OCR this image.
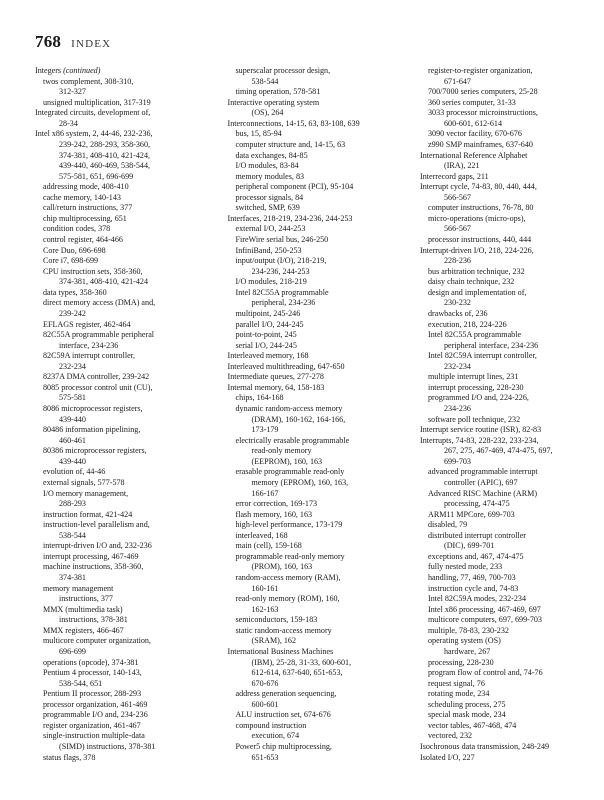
768 INDEX
Integers (continued)
twos complement, 308-310,
312-327
unsigned multiplication, 317-319
Integrated circuits, development of,
28-34
Intel x86 system, 2, 44-46, 232-236,
239-242, 288-293, 358-360,
374-381, 408-410, 421-424,
439-440, 460-469, 538-544,
575-581, 651, 696-699
addressing mode, 408-410
cache memory, 140-143
call/return instructions, 377
chip multiprocessing, 651
condition codes, 378
control register, 464-466
Core Duo, 696-698
Core i7, 698-699
CPU instruction sets, 358-360,
374-381, 408-410, 421-424
data types, 358-360
direct memory access (DMA) and,
239-242
EFLAGS register, 462-464
82C55A programmable peripheral
interface, 234-236
82C59A interrupt controller,
232-234
8237A DMA controller, 239-242
8085 processor control unit (CU),
575-581
8086 microprocessor registers,
439-440
80486 information pipelining,
460-461
80386 microprocessor registers,
439-440
evolution of, 44-46
external signals, 577-578
I/O memory management,
288-293
instruction format, 421-424
instruction-level parallelism and,
538-544
interrupt-driven I/O and, 232-236
interrupt processing, 467-469
machine instructions, 358-360,
374-381
memory management
instructions, 377
MMX (multimedia task)
instructions, 378-381
MMX registers, 466-467
multicore computer organization,
696-699
operations (opcode), 374-381
Pentium 4 processor, 140-143,
538-544, 651
Pentium II processor, 288-293
processor organization, 461-469
programmable I/O and, 234-236
register organization, 461-467
single-instruction multiple-data
(SIMD) instructions, 378-381
status flags, 378
superscalar processor design,
538-544
timing operation, 578-581
Interactive operating system
(OS), 264
Interconnections, 14-15, 63, 83-108, 639
bus, 15, 85-94
computer structure and, 14-15, 63
data exchanges, 84-85
I/O modules, 83-84
memory modules, 83
peripheral component (PCI), 95-104
processor signals, 84
switched, SMP, 639
Interfaces, 218-219, 234-236, 244-253
external I/O, 244-253
FireWire serial bus, 246-250
InfiniBand, 250-253
input/output (I/O), 218-219,
234-236, 244-253
I/O modules, 218-219
Intel 82C55A programmable
peripheral, 234-236
multipoint, 245-246
parallel I/O, 244-245
point-to-point, 245
serial I/O, 244-245
Interleaved memory, 168
Interleaved multithreading, 647-650
Intermediate queues, 277-278
Internal memory, 64, 158-183
chips, 164-168
dynamic random-access memory
(DRAM), 160-162, 164-166,
173-179
electrically erasable programmable
read-only memory
(EEPROM), 160, 163
erasable programmable read-only
memory (EPROM), 160, 163,
166-167
error correction, 169-173
flash memory, 160, 163
high-level performance, 173-179
interleaved, 168
main (cell), 159-168
programmable read-only memory
(PROM), 160, 163
random-access memory (RAM),
160-161
read-only memory (ROM), 160,
162-163
semiconductors, 159-183
static random-access memory
(SRAM), 162
International Business Machines
(IBM), 25-28, 31-33, 600-601,
612-614, 637-640, 651-653,
670-676
address generation sequencing,
600-601
ALU instruction set, 674-676
compound instruction
execution, 674
Power5 chip multiprocessing,
651-653
register-to-register organization,
671-647
700/7000 series computers, 25-28
360 series computer, 31-33
3033 processor microinstructions,
600-601, 612-614
3090 vector facility, 670-676
z990 SMP mainframes, 637-640
International Reference Alphabet
(IRA), 221
Interrecord gaps, 211
Interrupt cycle, 74-83, 80, 440, 444,
566-567
computer instructions, 76-78, 80
micro-operations (micro-ops),
566-567
processor instructions, 440, 444
Interrupt-driven I/O, 218, 224-226,
228-236
bus arbitration technique, 232
daisy chain technique, 232
design and implementation of,
230-232
drawbacks of, 236
execution, 218, 224-226
Intel 82C55A programmable
peripheral interface, 234-236
Intel 82C59A interrupt controller,
232-234
multiple interrupt lines, 231
interrupt processing, 228-230
programmed I/O and, 224-226,
234-236
software poll technique, 232
Interrupt service routine (ISR), 82-83
Interrupts, 74-83, 228-232, 233-234,
267, 275, 467-469, 474-475, 697,
699-703
advanced programmable interrupt
controller (APIC), 697
Advanced RISC Machine (ARM)
processing, 474-475
ARM11 MPCore, 699-703
disabled, 79
distributed interrupt controller
(DIC), 699-701
exceptions and, 467, 474-475
fully nested mode, 233
handling, 77, 469, 700-703
instruction cycle and, 74-83
Intel 82C59A modes, 232-234
Intel x86 processing, 467-469, 697
multicore computers, 697, 699-703
multiple, 78-83, 230-232
operating system (OS)
hardware, 267
processing, 228-230
program flow of control and, 74-76
request signal, 76
rotating mode, 234
scheduling process, 275
special mask mode, 234
vector tables, 467-468, 474
vectored, 232
Isochronous data transmission, 248-249
Isolated I/O, 227
